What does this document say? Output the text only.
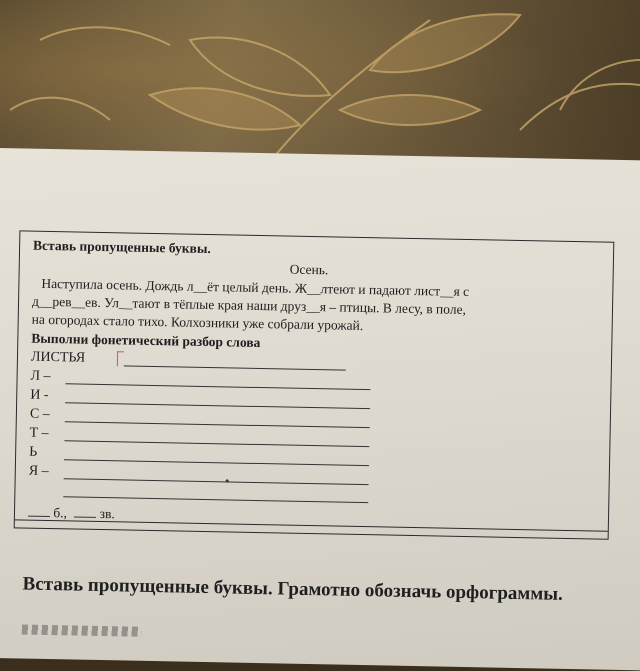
Вставь пропущенные буквы.
Осень.
Наступила осень. Дождь л__ёт целый день. Ж__лтеют и падают лист__я с
д__рев__ев. Ул__тают в тёплые края наши друз__я – птицы. В лесу, в поле,
на огородах стало тихо. Колхозники уже собрали урожай.
Выполни фонетический разбор слова
ЛИСТЬЯ
Л –
И -
С –
Т –
Ь
Я –
б., зв.
Вставь пропущенные буквы. Грамотно обозначь орфограммы.
